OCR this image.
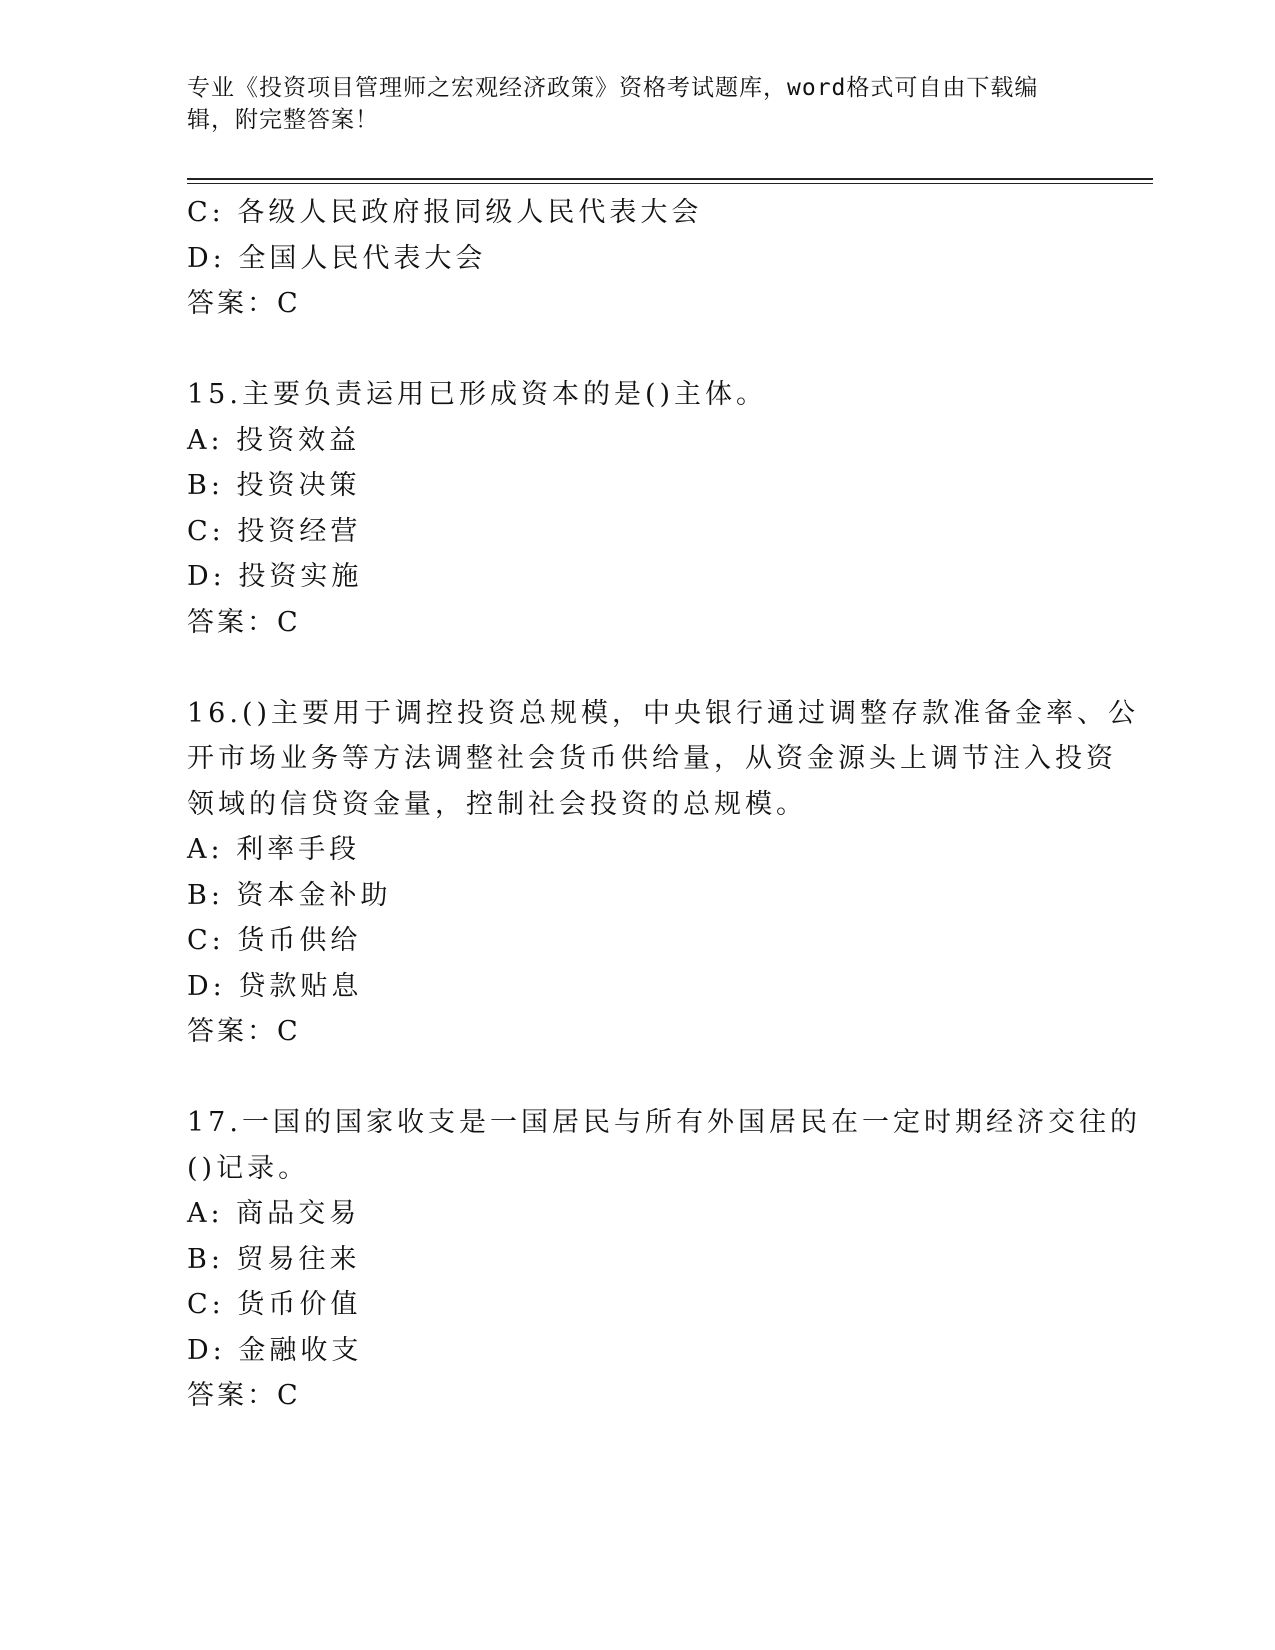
专业《投资项目管理师之宏观经济政策》资格考试题库，word格式可自由下载编
辑，附完整答案！
C: 各级人民政府报同级人民代表大会
D: 全国人民代表大会
答案：C
15.主要负责运用已形成资本的是()主体。
A: 投资效益
B: 投资决策
C: 投资经营
D: 投资实施
答案：C
16.()主要用于调控投资总规模，中央银行通过调整存款准备金率、公
开市场业务等方法调整社会货币供给量，从资金源头上调节注入投资
领域的信贷资金量，控制社会投资的总规模。
A: 利率手段
B: 资本金补助
C: 货币供给
D: 贷款贴息
答案：C
17.一国的国家收支是一国居民与所有外国居民在一定时期经济交往的
()记录。
A: 商品交易
B: 贸易往来
C: 货币价值
D: 金融收支
答案：C
